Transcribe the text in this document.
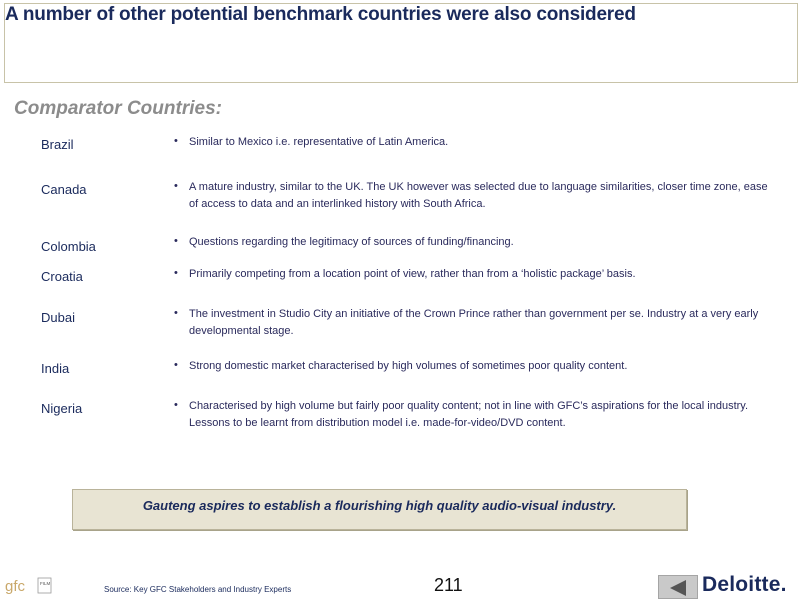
A number of other potential benchmark countries were also considered
Comparator Countries:
Brazil	• Similar to Mexico i.e. representative of Latin America.
Canada	• A mature industry, similar to the UK. The UK however was selected due to language similarities, closer time zone, ease
of access to data and an interlinked history with South Africa.
Colombia	• Questions regarding the legitimacy of sources of funding/financing.
Croatia	• Primarily competing from a location point of view, rather than from a ‘holistic package’ basis.
Dubai	• The investment in Studio City an initiative of the Crown Prince rather than government per se. Industry at a very early
developmental stage.
India	• Strong domestic market characterised by high volumes of sometimes poor quality content.
Nigeria	• Characterised by high volume but fairly poor quality content; not in line with GFC’s aspirations for the local industry.
Lessons to be learnt from distribution model i.e. made-for-video/DVD content.
Gauteng aspires to establish a flourishing high quality audio-visual industry.
gfc	FILM
Source: Key GFC Stakeholders and Industry Experts	211	Deloitte.
